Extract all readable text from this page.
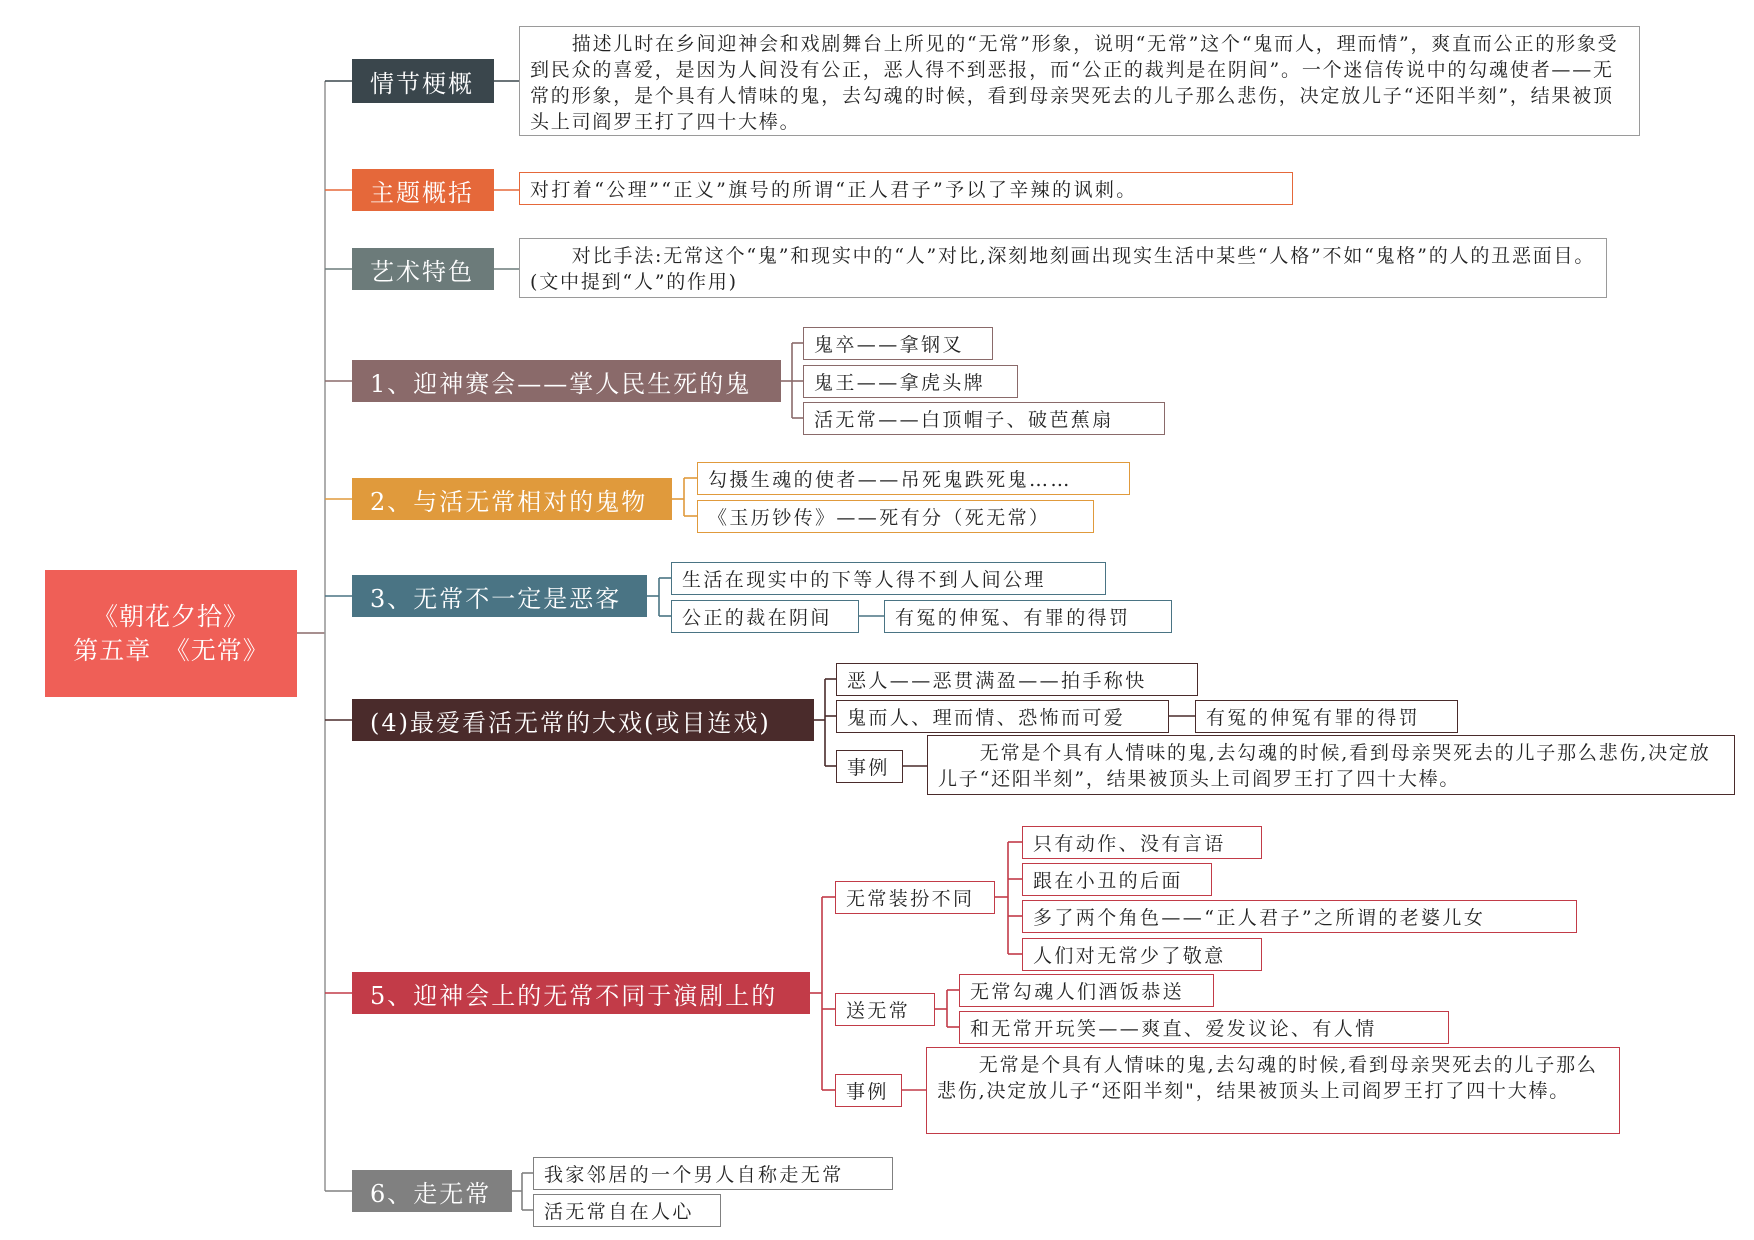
《朝花夕拾》
第五章　《无常》
情节梗概
描述儿时在乡间迎神会和戏剧舞台上所见的“无常”形象，说明“无常”这个“鬼而人，理而情”，爽直而公正的形象受到民众的喜爱，是因为人间没有公正，恶人得不到恶报，而“公正的裁判是在阴间”。一个迷信传说中的勾魂使者——无常的形象，是个具有人情味的鬼，去勾魂的时候，看到母亲哭死去的儿子那么悲伤，决定放儿子“还阳半刻”，结果被顶头上司阎罗王打了四十大棒。
主题概括	对打着“公理”“正义”旗号的所谓“正人君子”予以了辛辣的讽刺。
艺术特色
对比手法:无常这个“鬼”和现实中的“人”对比,深刻地刻画出现实生活中某些“人格”不如“鬼格”的人的丑恶面目。(文中提到“人”的作用)
1、迎神赛会——掌人民生死的鬼
鬼卒——拿钢叉
鬼王——拿虎头牌
活无常——白顶帽子、破芭蕉扇
2、与活无常相对的鬼物
勾摄生魂的使者——吊死鬼跌死鬼……
《玉历钞传》——死有分（死无常）
3、无常不一定是恶客
生活在现实中的下等人得不到人间公理
公正的裁在阴间	有冤的伸冤、有罪的得罚
(4)最爱看活无常的大戏(或目连戏)
恶人——恶贯满盈——拍手称快
鬼而人、理而情、恐怖而可爱	有冤的伸冤有罪的得罚
事例
无常是个具有人情味的鬼,去勾魂的时候,看到母亲哭死去的儿子那么悲伤,决定放儿子“还阳半刻”，结果被顶头上司阎罗王打了四十大棒。
5、迎神会上的无常不同于演剧上的
无常装扮不同
只有动作、没有言语
跟在小丑的后面
多了两个角色——“正人君子”之所谓的老婆儿女
人们对无常少了敬意
送无常
无常勾魂人们酒饭恭送
和无常开玩笑——爽直、爱发议论、有人情
事例
无常是个具有人情味的鬼,去勾魂的时候,看到母亲哭死去的儿子那么悲伤,决定放儿子“还阳半刻"，结果被顶头上司阎罗王打了四十大棒。
6、走无常
我家邻居的一个男人自称走无常
活无常自在人心
